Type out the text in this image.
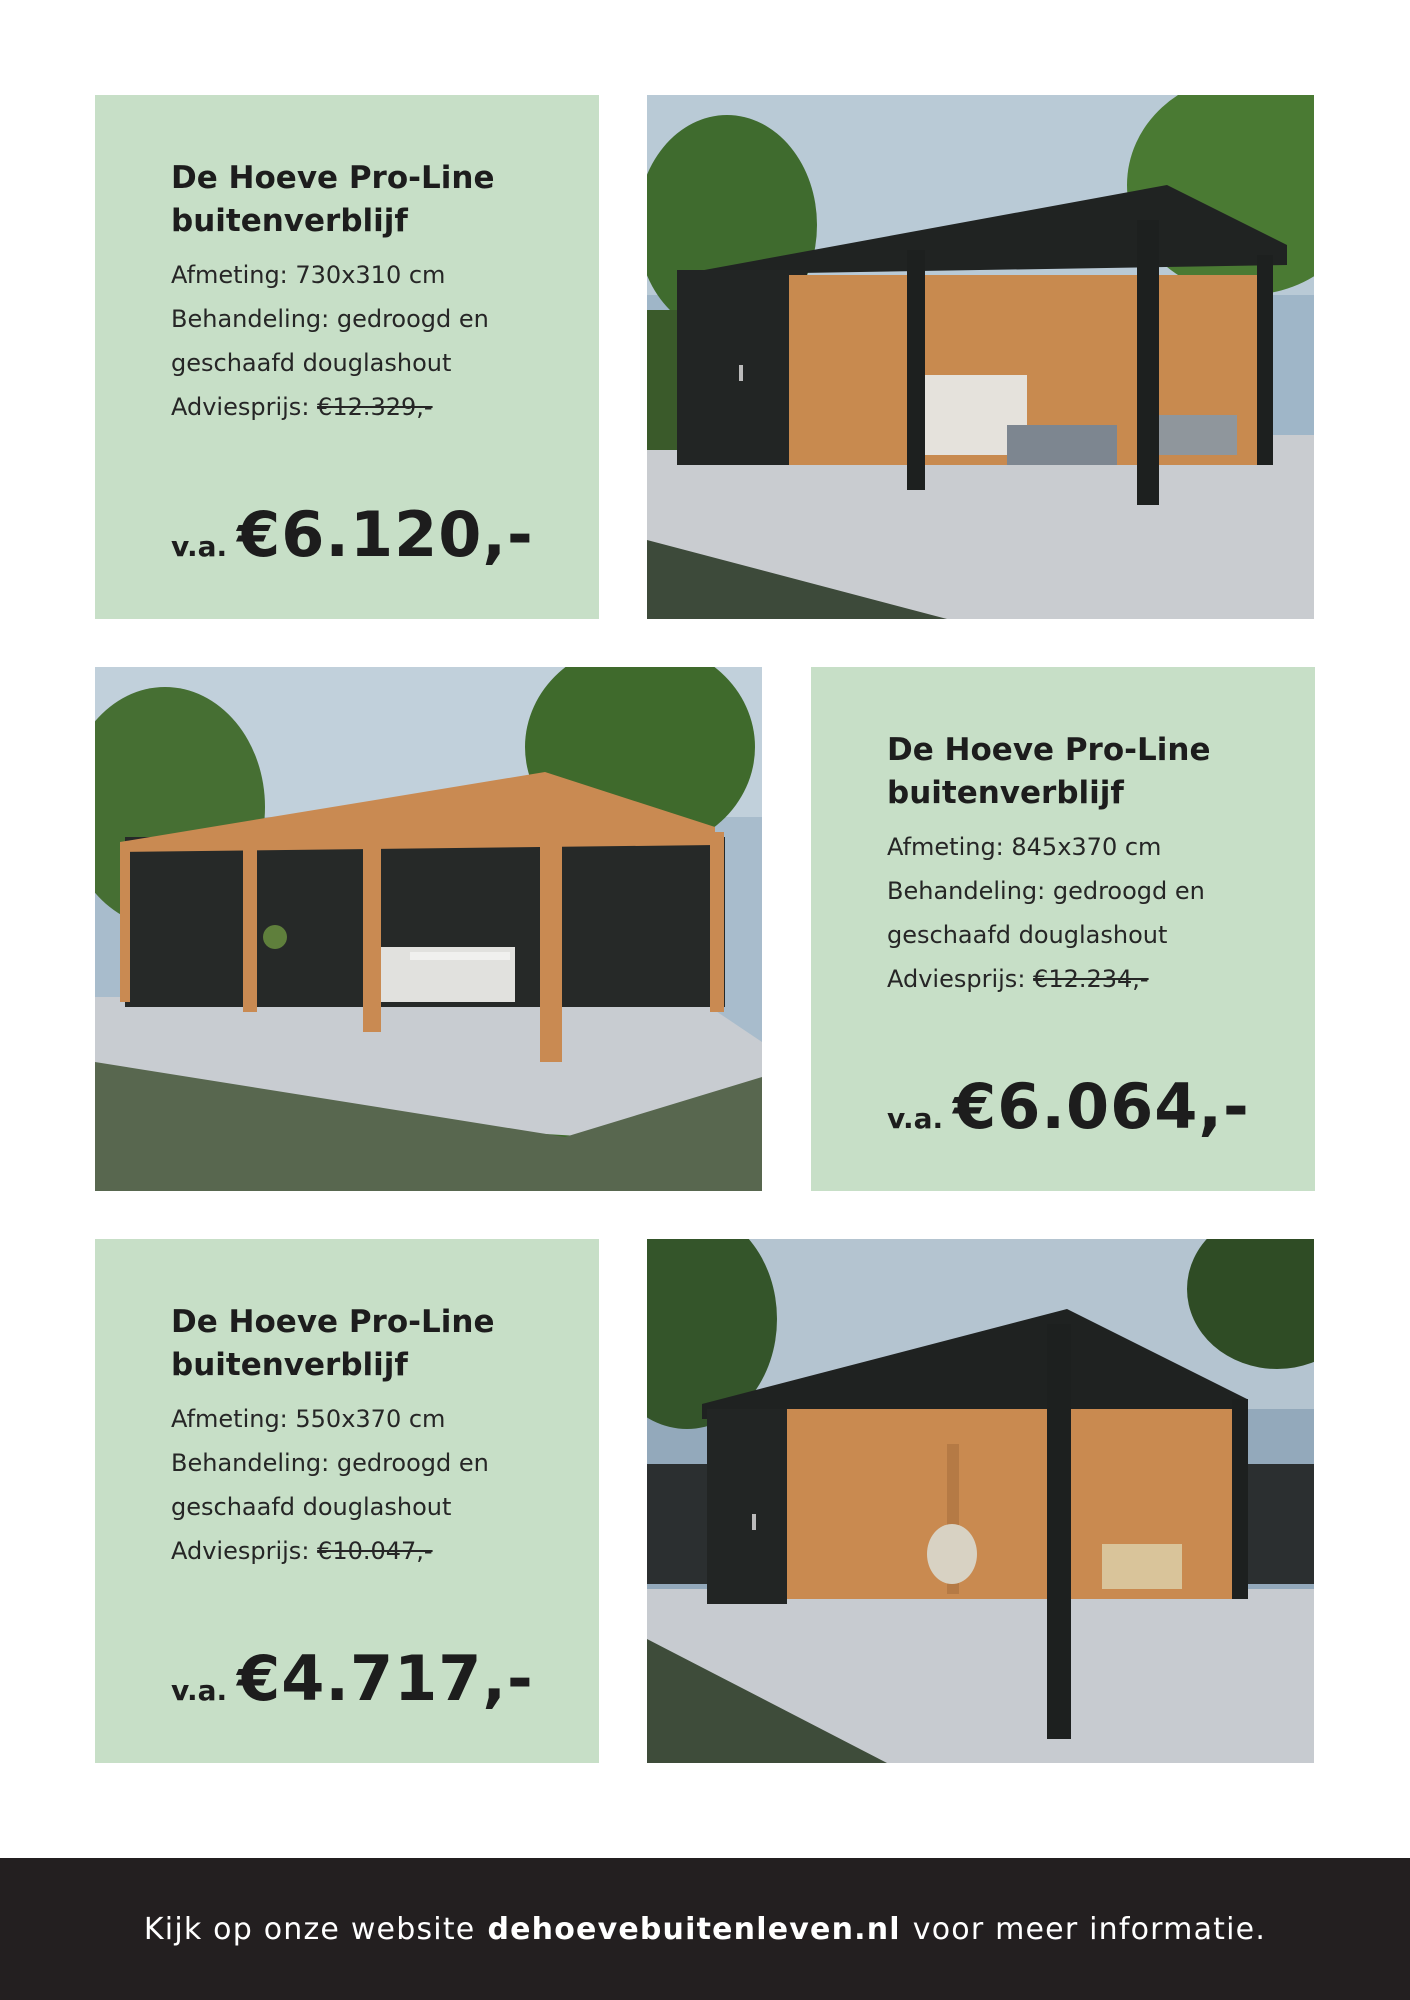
De Hoeve Pro-Line
buitenverblijf
Afmeting: 730x310 cm
Behandeling: gedroogd en
geschaafd douglashout
Adviesprijs: €12.329,-
v.a. €6.120,-
De Hoeve Pro-Line
buitenverblijf
Afmeting: 845x370 cm
Behandeling: gedroogd en
geschaafd douglashout
Adviesprijs: €12.234,-
v.a. €6.064,-
De Hoeve Pro-Line
buitenverblijf
Afmeting: 550x370 cm
Behandeling: gedroogd en
geschaafd douglashout
Adviesprijs: €10.047,-
v.a. €4.717,-
Kijk op onze website dehoevebuitenleven.nl voor meer informatie.
